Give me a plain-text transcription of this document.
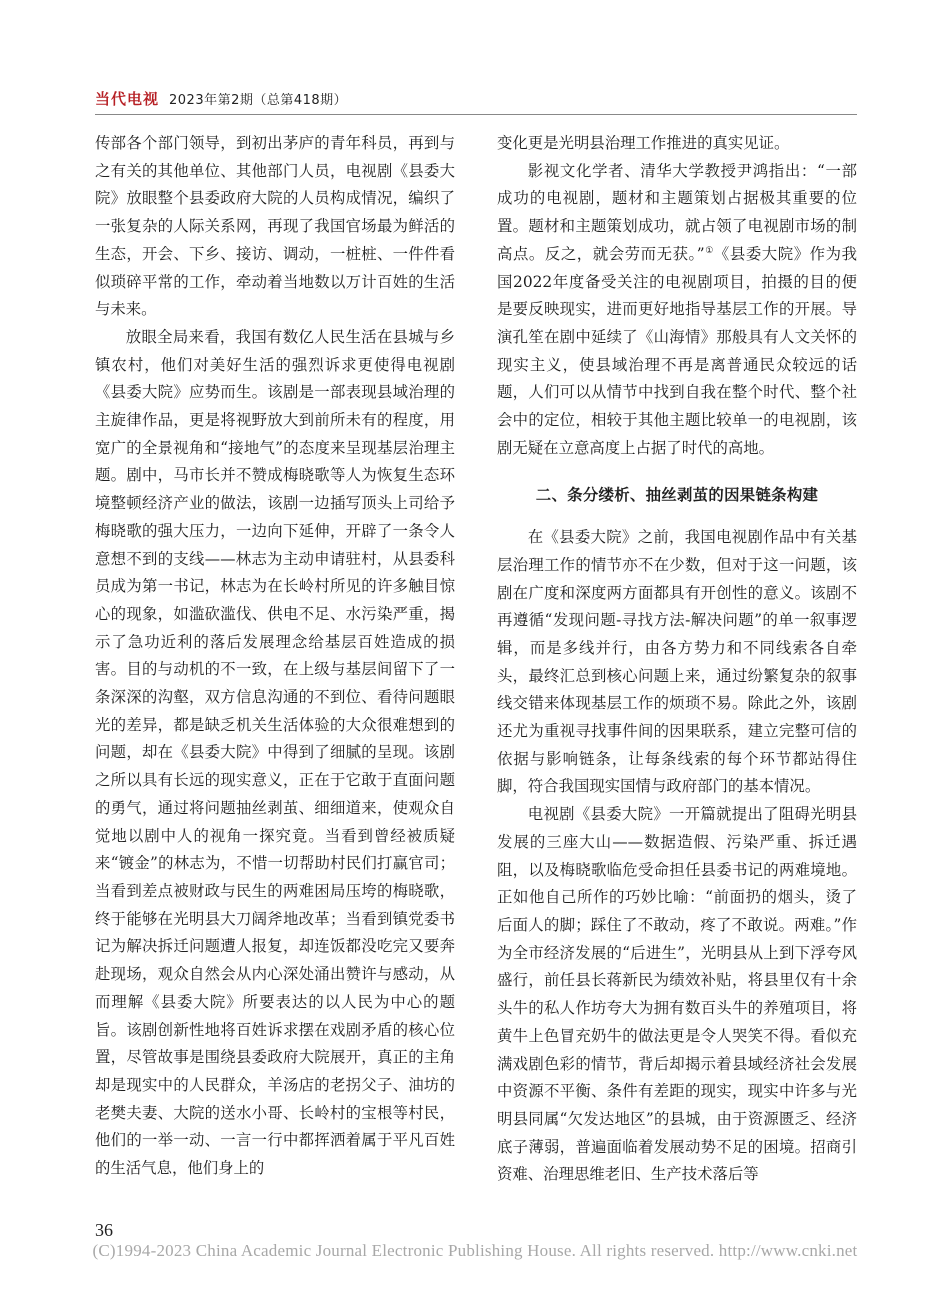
当代电视 2023年第2期（总第418期）

传部各个部门领导，到初出茅庐的青年科员，再到与之有关的其他单位、其他部门人员，电视剧《县委大院》放眼整个县委政府大院的人员构成情况，编织了一张复杂的人际关系网，再现了我国官场最为鲜活的生态，开会、下乡、接访、调动，一桩桩、一件件看似琐碎平常的工作，牵动着当地数以万计百姓的生活与未来。

放眼全局来看，我国有数亿人民生活在县城与乡镇农村，他们对美好生活的强烈诉求更使得电视剧《县委大院》应势而生。该剧是一部表现县域治理的主旋律作品，更是将视野放大到前所未有的程度，用宽广的全景视角和“接地气”的态度来呈现基层治理主题。剧中，马市长并不赞成梅晓歌等人为恢复生态环境整顿经济产业的做法，该剧一边插写顶头上司给予梅晓歌的强大压力，一边向下延伸，开辟了一条令人意想不到的支线——林志为主动申请驻村，从县委科员成为第一书记，林志为在长岭村所见的许多触目惊心的现象，如滥砍滥伐、供电不足、水污染严重，揭示了急功近利的落后发展理念给基层百姓造成的损害。目的与动机的不一致，在上级与基层间留下了一条深深的沟壑，双方信息沟通的不到位、看待问题眼光的差异，都是缺乏机关生活体验的大众很难想到的问题，却在《县委大院》中得到了细腻的呈现。该剧之所以具有长远的现实意义，正在于它敢于直面问题的勇气，通过将问题抽丝剥茧、细细道来，使观众自觉地以剧中人的视角一探究竟。当看到曾经被质疑来“镀金”的林志为，不惜一切帮助村民们打赢官司；当看到差点被财政与民生的两难困局压垮的梅晓歌，终于能够在光明县大刀阔斧地改革；当看到镇党委书记为解决拆迁问题遭人报复，却连饭都没吃完又要奔赴现场，观众自然会从内心深处涌出赞许与感动，从而理解《县委大院》所要表达的以人民为中心的题旨。该剧创新性地将百姓诉求摆在戏剧矛盾的核心位置，尽管故事是围绕县委政府大院展开，真正的主角却是现实中的人民群众，羊汤店的老拐父子、油坊的老樊夫妻、大院的送水小哥、长岭村的宝根等村民，他们的一举一动、一言一行中都挥洒着属于平凡百姓的生活气息，他们身上的

变化更是光明县治理工作推进的真实见证。

影视文化学者、清华大学教授尹鸿指出：“一部成功的电视剧，题材和主题策划占据极其重要的位置。题材和主题策划成功，就占领了电视剧市场的制高点。反之，就会劳而无获。”①《县委大院》作为我国2022年度备受关注的电视剧项目，拍摄的目的便是要反映现实，进而更好地指导基层工作的开展。导演孔笙在剧中延续了《山海情》那般具有人文关怀的现实主义，使县域治理不再是离普通民众较远的话题，人们可以从情节中找到自我在整个时代、整个社会中的定位，相较于其他主题比较单一的电视剧，该剧无疑在立意高度上占据了时代的高地。

二、条分缕析、抽丝剥茧的因果链条构建

在《县委大院》之前，我国电视剧作品中有关基层治理工作的情节亦不在少数，但对于这一问题，该剧在广度和深度两方面都具有开创性的意义。该剧不再遵循“发现问题-寻找方法-解决问题”的单一叙事逻辑，而是多线并行，由各方势力和不同线索各自牵头，最终汇总到核心问题上来，通过纷繁复杂的叙事线交错来体现基层工作的烦琐不易。除此之外，该剧还尤为重视寻找事件间的因果联系，建立完整可信的依据与影响链条，让每条线索的每个环节都站得住脚，符合我国现实国情与政府部门的基本情况。

电视剧《县委大院》一开篇就提出了阻碍光明县发展的三座大山——数据造假、污染严重、拆迁遇阻，以及梅晓歌临危受命担任县委书记的两难境地。正如他自己所作的巧妙比喻：“前面扔的烟头，烫了后面人的脚；踩住了不敢动，疼了不敢说。两难。”作为全市经济发展的“后进生”，光明县从上到下浮夸风盛行，前任县长蒋新民为绩效补贴，将县里仅有十余头牛的私人作坊夸大为拥有数百头牛的养殖项目，将黄牛上色冒充奶牛的做法更是令人哭笑不得。看似充满戏剧色彩的情节，背后却揭示着县域经济社会发展中资源不平衡、条件有差距的现实，现实中许多与光明县同属“欠发达地区”的县城，由于资源匮乏、经济底子薄弱，普遍面临着发展动势不足的困境。招商引资难、治理思维老旧、生产技术落后等

36
(C)1994-2023 China Academic Journal Electronic Publishing House. All rights reserved. http://www.cnki.net
